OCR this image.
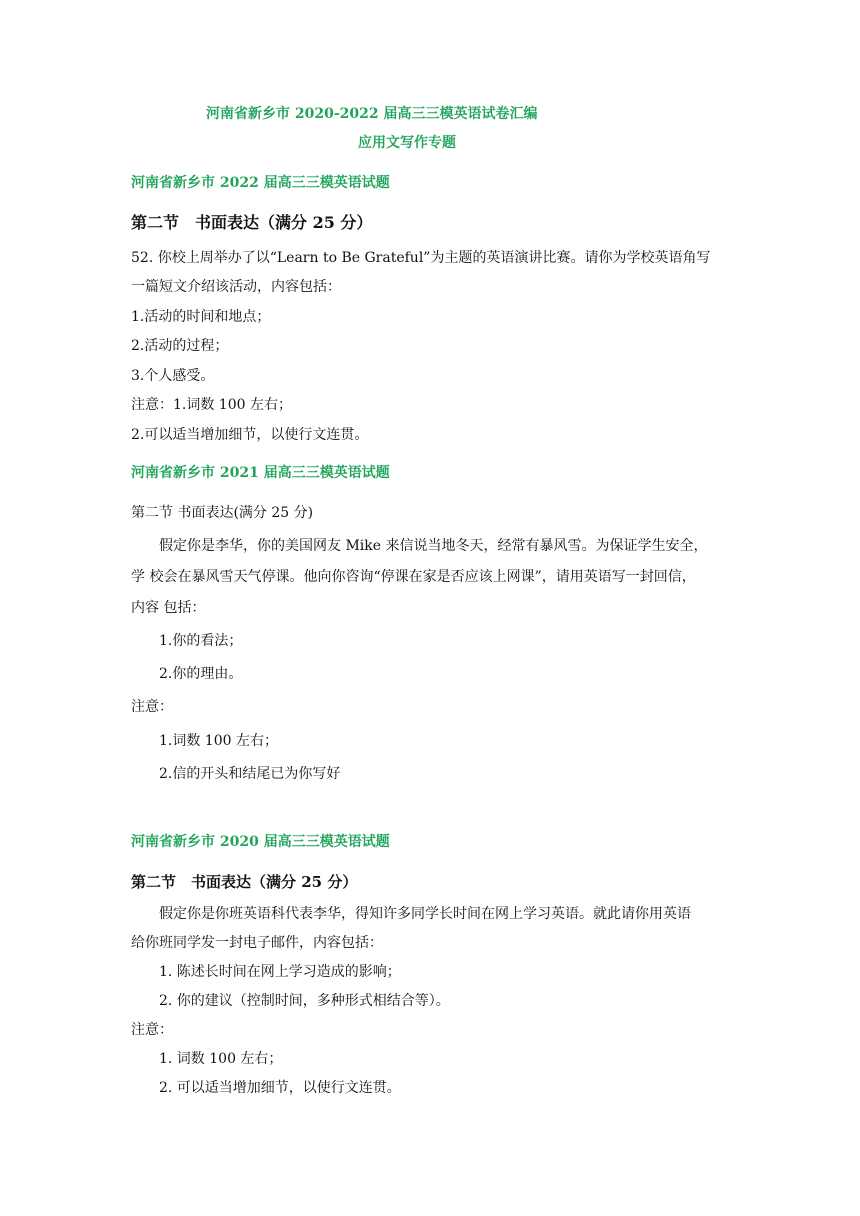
河南省新乡市 2020-2022 届高三三模英语试卷汇编
应用文写作专题
河南省新乡市 2022 届高三三模英语试题
第二节　书面表达（满分 25 分）
52. 你校上周举办了以“Learn to Be Grateful”为主题的英语演讲比赛。请你为学校英语角写
一篇短文介绍该活动，内容包括：
1.活动的时间和地点；
2.活动的过程；
3.个人感受。
注意：1.词数 100 左右；
2.可以适当增加细节，以使行文连贯。
河南省新乡市 2021 届高三三模英语试题
第二节 书面表达(满分 25 分)
假定你是李华，你的美国网友 Mike 来信说当地冬天，经常有暴风雪。为保证学生安全，
学 校会在暴风雪天气停课。他向你咨询“停课在家是否应该上网课”，请用英语写一封回信，
内容 包括：
1.你的看法；
2.你的理由。
注意：
1.词数 100 左右；
2.信的开头和结尾已为你写好
河南省新乡市 2020 届高三三模英语试题
第二节　书面表达（满分 25 分）
假定你是你班英语科代表李华，得知许多同学长时间在网上学习英语。就此请你用英语
给你班同学发一封电子邮件，内容包括：
1. 陈述长时间在网上学习造成的影响；
2. 你的建议（控制时间，多种形式相结合等）。
注意：
1. 词数 100 左右；
2. 可以适当增加细节，以使行文连贯。
